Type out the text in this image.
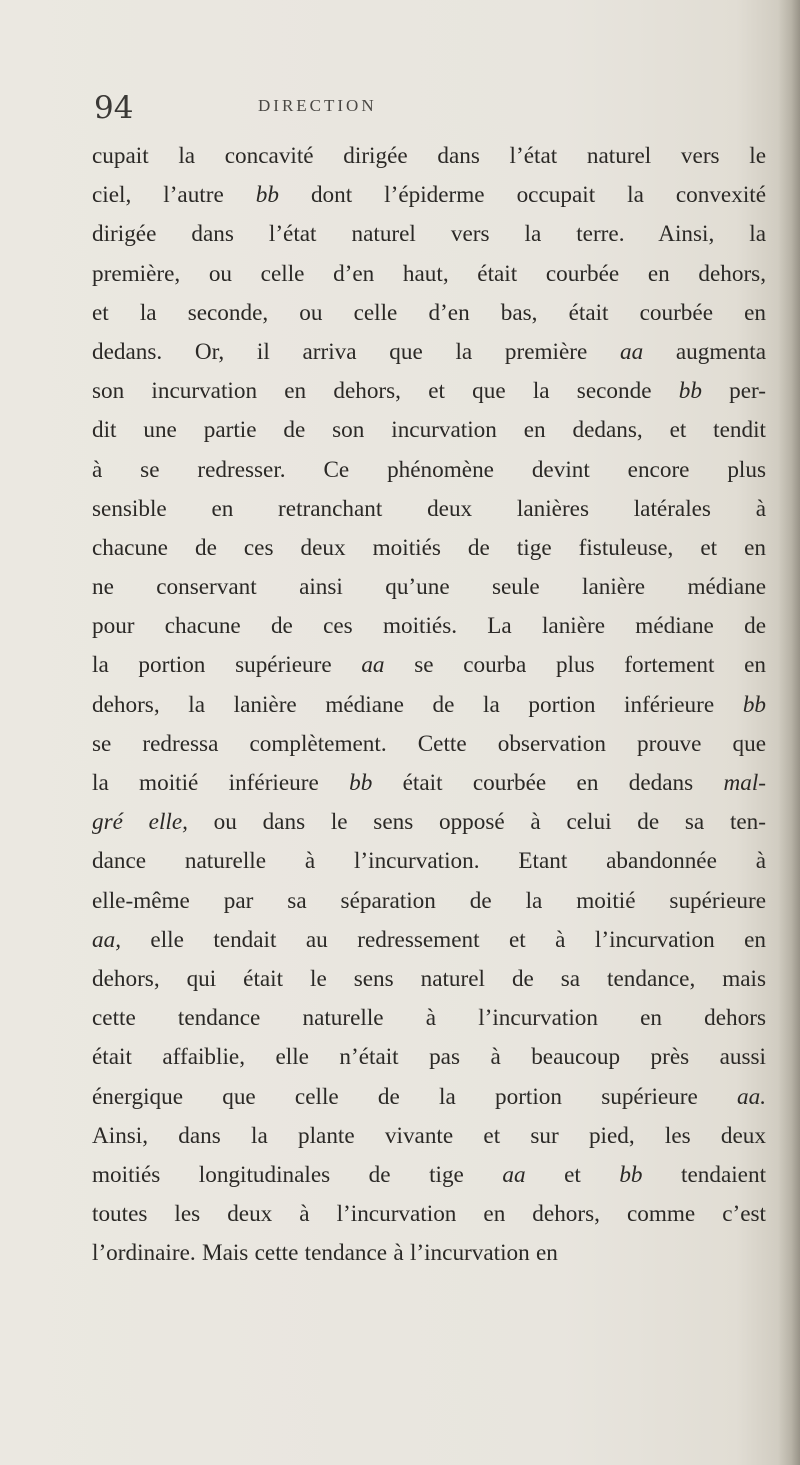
94	DIRECTION
cupait la concavité dirigée dans l’état naturel vers le
ciel, l’autre bb dont l’épiderme occupait la convexité
dirigée dans l’état naturel vers la terre. Ainsi, la
première, ou celle d’en haut, était courbée en dehors,
et la seconde, ou celle d’en bas, était courbée en
dedans. Or, il arriva que la première aa augmenta
son incurvation en dehors, et que la seconde bb per-
dit une partie de son incurvation en dedans, et tendit
à se redresser. Ce phénomène devint encore plus
sensible en retranchant deux lanières latérales à
chacune de ces deux moitiés de tige fistuleuse, et en
ne conservant ainsi qu’une seule lanière médiane
pour chacune de ces moitiés. La lanière médiane de
la portion supérieure aa se courba plus fortement en
dehors, la lanière médiane de la portion inférieure bb
se redressa complètement. Cette observation prouve que
la moitié inférieure bb était courbée en dedans mal-
gré elle, ou dans le sens opposé à celui de sa ten-
dance naturelle à l’incurvation. Etant abandonnée à
elle-même par sa séparation de la moitié supérieure
aa, elle tendait au redressement et à l’incurvation en
dehors, qui était le sens naturel de sa tendance, mais
cette tendance naturelle à l’incurvation en dehors
était affaiblie, elle n’était pas à beaucoup près aussi
énergique que celle de la portion supérieure aa.
Ainsi, dans la plante vivante et sur pied, les deux
moitiés longitudinales de tige aa et bb tendaient
toutes les deux à l’incurvation en dehors, comme c’est
l’ordinaire. Mais cette tendance à l’incurvation en
